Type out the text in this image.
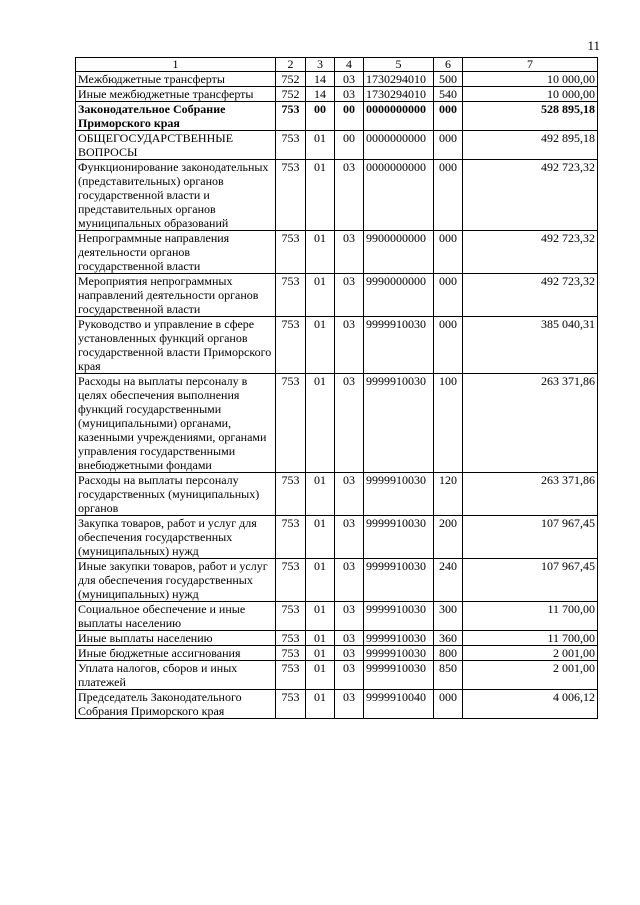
11
1	2	3	4	5	6	7
Межбюджетные трансферты	752	14	03	1730294010	500	10 000,00
Иные межбюджетные трансферты	752	14	03	1730294010	540	10 000,00
Законодательное Собрание Приморского края	753	00	00	0000000000	000	528 895,18
ОБЩЕГОСУДАРСТВЕННЫЕ ВОПРОСЫ	753	01	00	0000000000	000	492 895,18
Функционирование законодательных (представительных) органов государственной власти и представительных органов муниципальных образований	753	01	03	0000000000	000	492 723,32
Непрограммные направления деятельности органов государственной власти	753	01	03	9900000000	000	492 723,32
Мероприятия непрограммных направлений деятельности органов государственной власти	753	01	03	9990000000	000	492 723,32
Руководство и управление в сфере установленных функций органов государственной власти Приморского края	753	01	03	9999910030	000	385 040,31
Расходы на выплаты персоналу в целях обеспечения выполнения функций государственными (муниципальными) органами, казенными учреждениями, органами управления государственными внебюджетными фондами	753	01	03	9999910030	100	263 371,86
Расходы на выплаты персоналу государственных (муниципальных) органов	753	01	03	9999910030	120	263 371,86
Закупка товаров, работ и услуг для обеспечения государственных (муниципальных) нужд	753	01	03	9999910030	200	107 967,45
Иные закупки товаров, работ и услуг для обеспечения государственных (муниципальных) нужд	753	01	03	9999910030	240	107 967,45
Социальное обеспечение и иные выплаты населению	753	01	03	9999910030	300	11 700,00
Иные выплаты населению	753	01	03	9999910030	360	11 700,00
Иные бюджетные ассигнования	753	01	03	9999910030	800	2 001,00
Уплата налогов, сборов и иных платежей	753	01	03	9999910030	850	2 001,00
Председатель Законодательного Собрания Приморского края	753	01	03	9999910040	000	4 006,12
